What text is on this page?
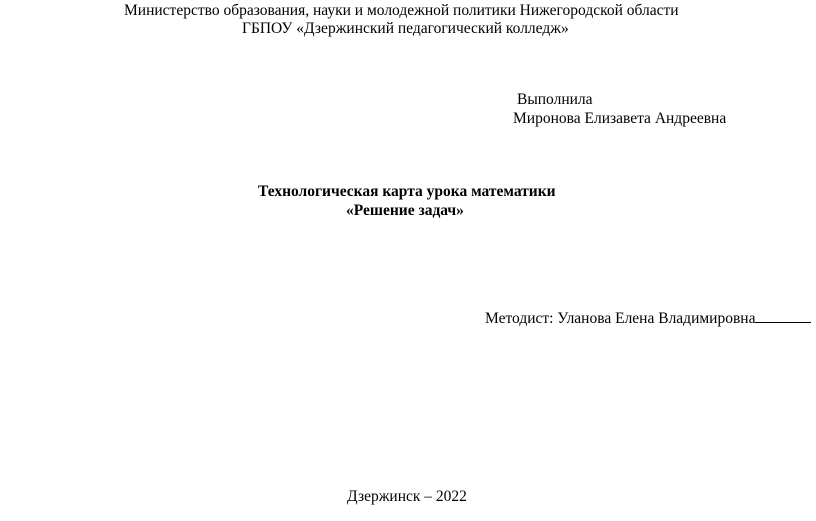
Министерство образования, науки и молодежной политики Нижегородской области
ГБПОУ «Дзержинский педагогический колледж»
Выполнила
Миронова Елизавета Андреевна
Технологическая карта урока математики
«Решение задач»
Методист: Уланова Елена Владимировна
Дзержинск – 2022
